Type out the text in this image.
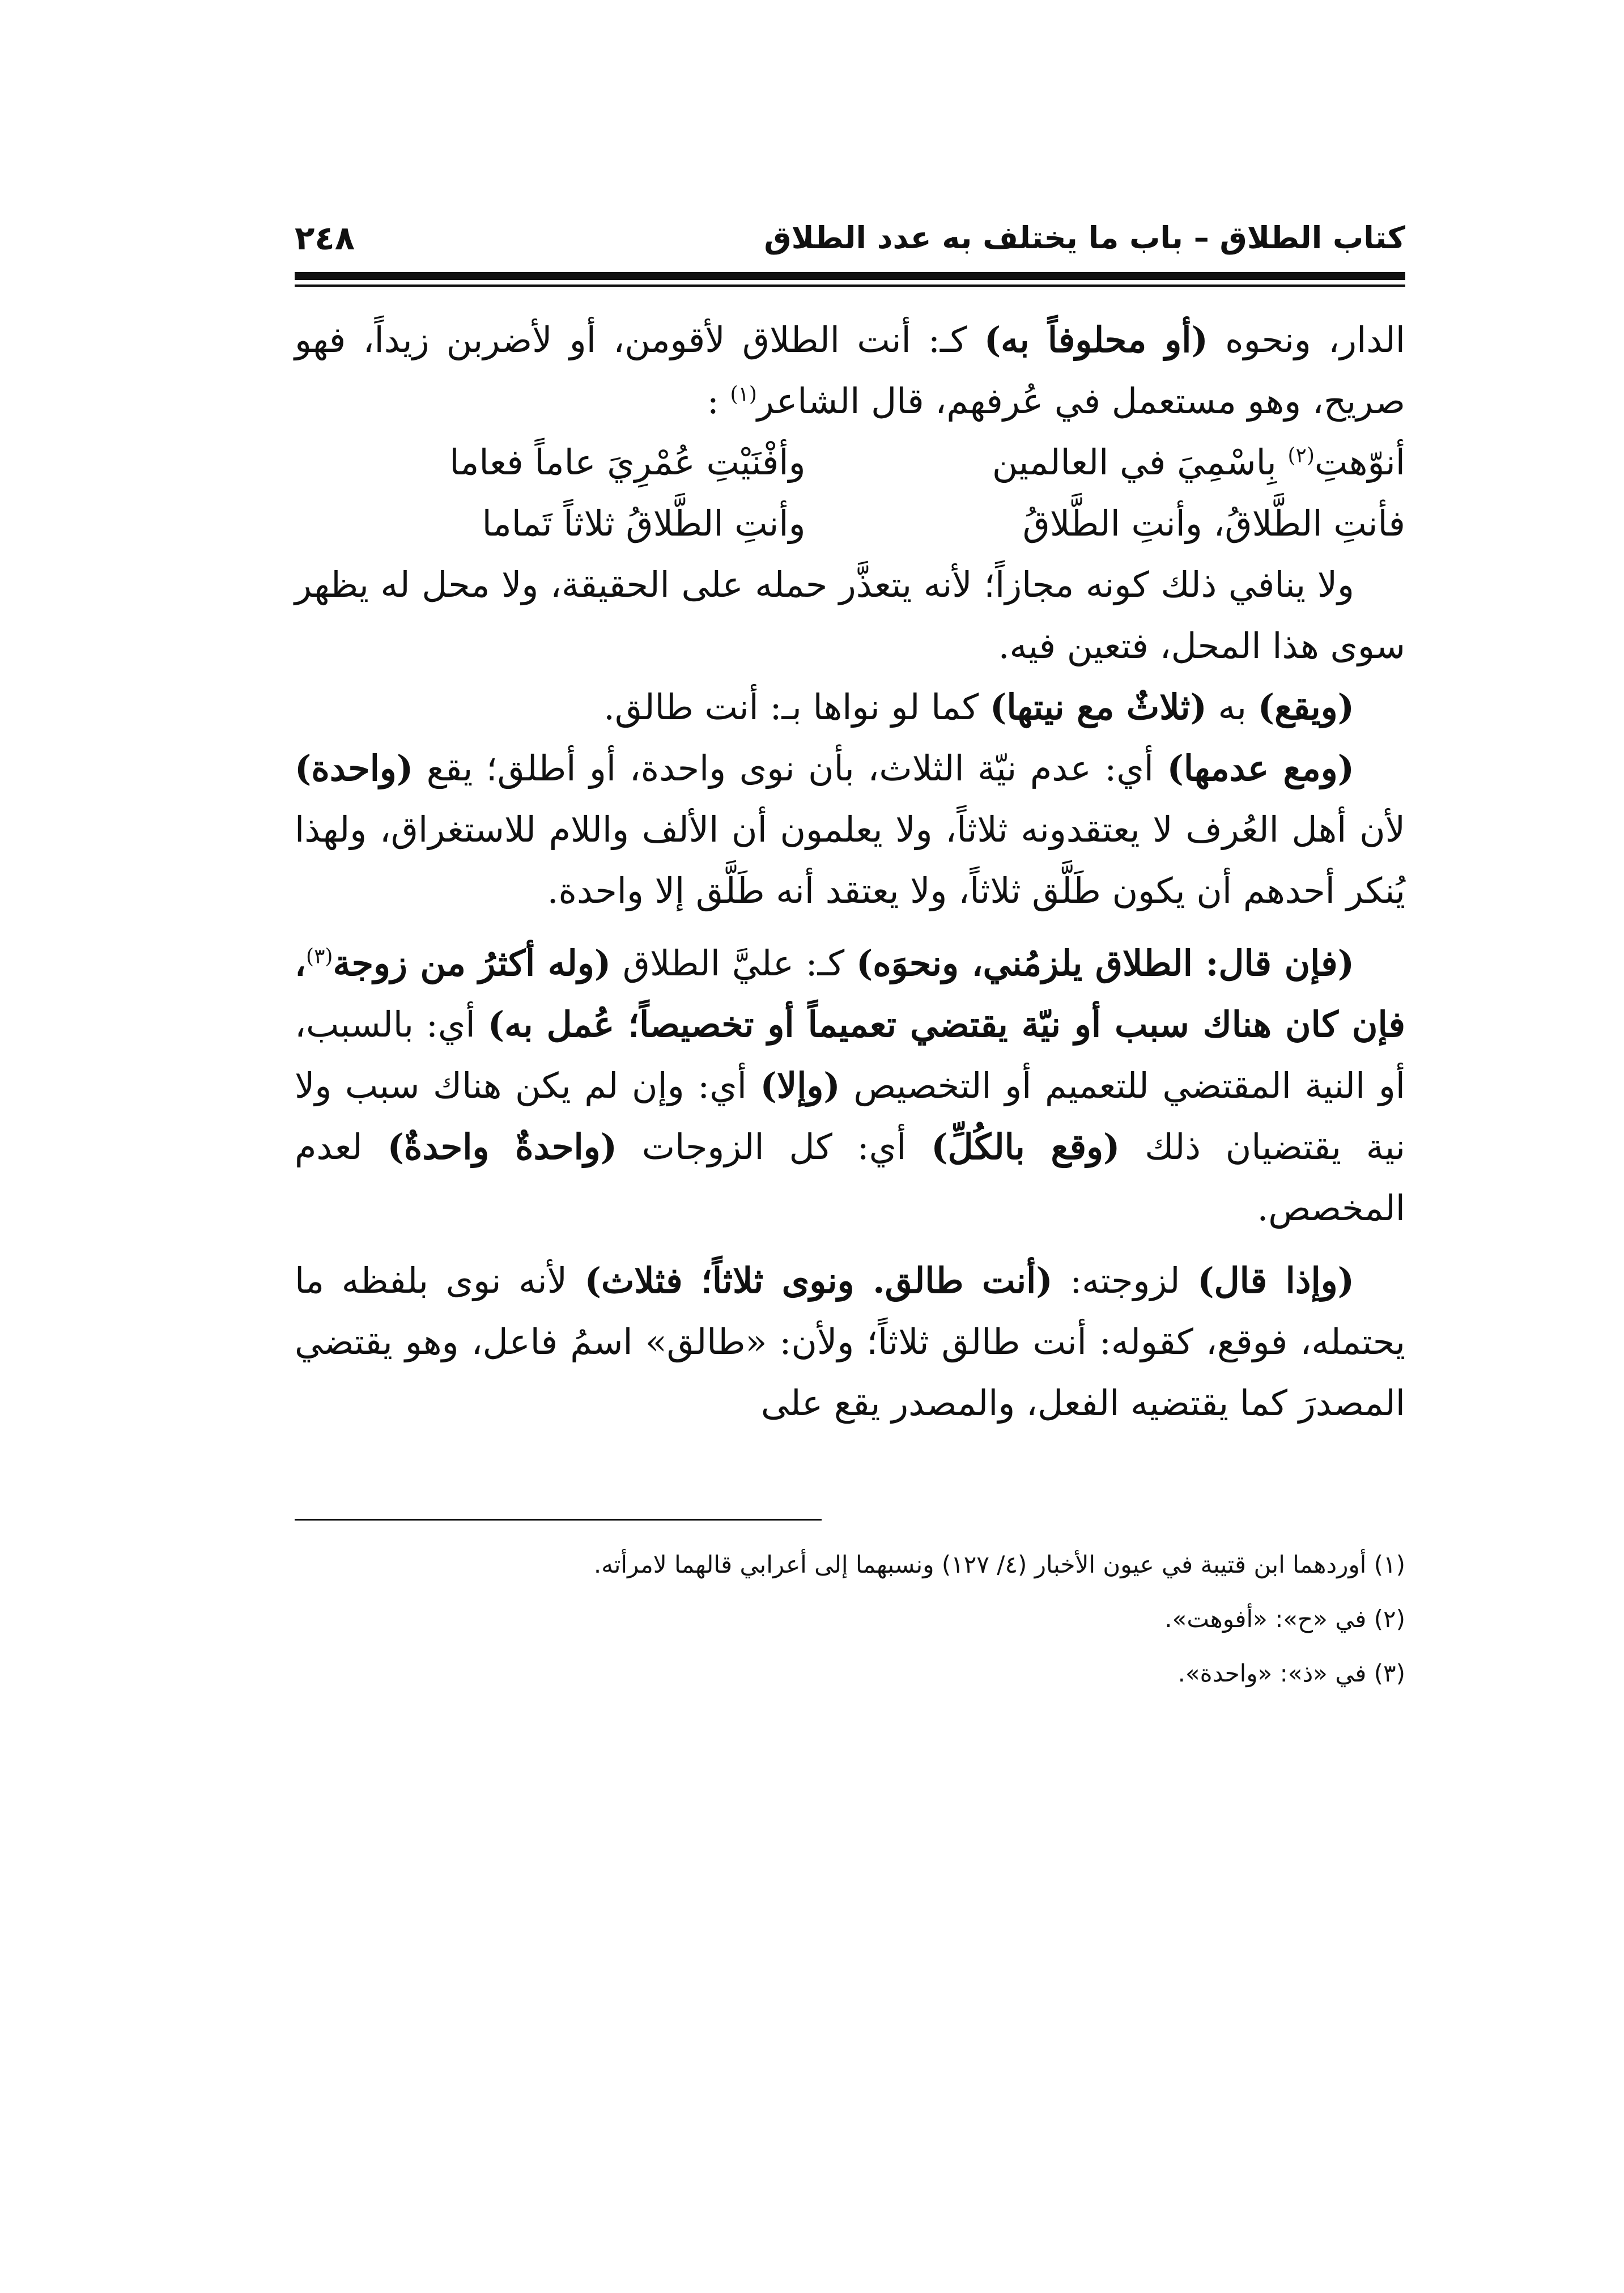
كتاب الطلاق – باب ما يختلف به عدد الطلاق
٢٤٨

الدار، ونحوه (أو محلوفاً به) كـ: أنت الطلاق لأقومن، أو لأضربن زيداً، فهو صريح، وهو مستعمل في عُرفهم، قال الشاعر$^{(١)}$ :

أنوّهتِ$^{(٢)}$ بِاسْمِيَ في العالمين
وأفْنَيْتِ عُمْرِيَ عاماً فعاما
فأنتِ الطَّلاقُ، وأنتِ الطَّلاقُ
وأنتِ الطَّلاقُ ثلاثاً تَماما

ولا ينافي ذلك كونه مجازاً؛ لأنه يتعذَّر حمله على الحقيقة، ولا محل له يظهر سوى هذا المحل، فتعين فيه.

(ويقع) به (ثلاثٌ مع نيتها) كما لو نواها بـ: أنت طالق.

(ومع عدمها) أي: عدم نيّة الثلاث، بأن نوى واحدة، أو أطلق؛ يقع (واحدة) لأن أهل العُرف لا يعتقدونه ثلاثاً، ولا يعلمون أن الألف واللام للاستغراق، ولهذا يُنكر أحدهم أن يكون طَلَّق ثلاثاً، ولا يعتقد أنه طَلَّق إلا واحدة.

(فإن قال: الطلاق يلزمُني، ونحوَه) كـ: عليَّ الطلاق (وله أكثرُ من زوجة$^{(٣)}$، فإن كان هناك سبب أو نيّة يقتضي تعميماً أو تخصيصاً؛ عُمل به) أي: بالسبب، أو النية المقتضي للتعميم أو التخصيص (وإلا) أي: وإن لم يكن هناك سبب ولا نية يقتضيان ذلك (وقع بالكُلِّ) أي: كل الزوجات (واحدةٌ واحدةٌ) لعدم المخصص.

(وإذا قال) لزوجته: (أنت طالق. ونوى ثلاثاً؛ فثلاث) لأنه نوى بلفظه ما يحتمله، فوقع، كقوله: أنت طالق ثلاثاً؛ ولأن: «طالق» اسمُ فاعل، وهو يقتضي المصدرَ كما يقتضيه الفعل، والمصدر يقع على

(١) أوردهما ابن قتيبة في عيون الأخبار (٤/ ١٢٧) ونسبهما إلى أعرابي قالهما لامرأته.

(٢) في «ح»: «أفوهت».

(٣) في «ذ»: «واحدة».
